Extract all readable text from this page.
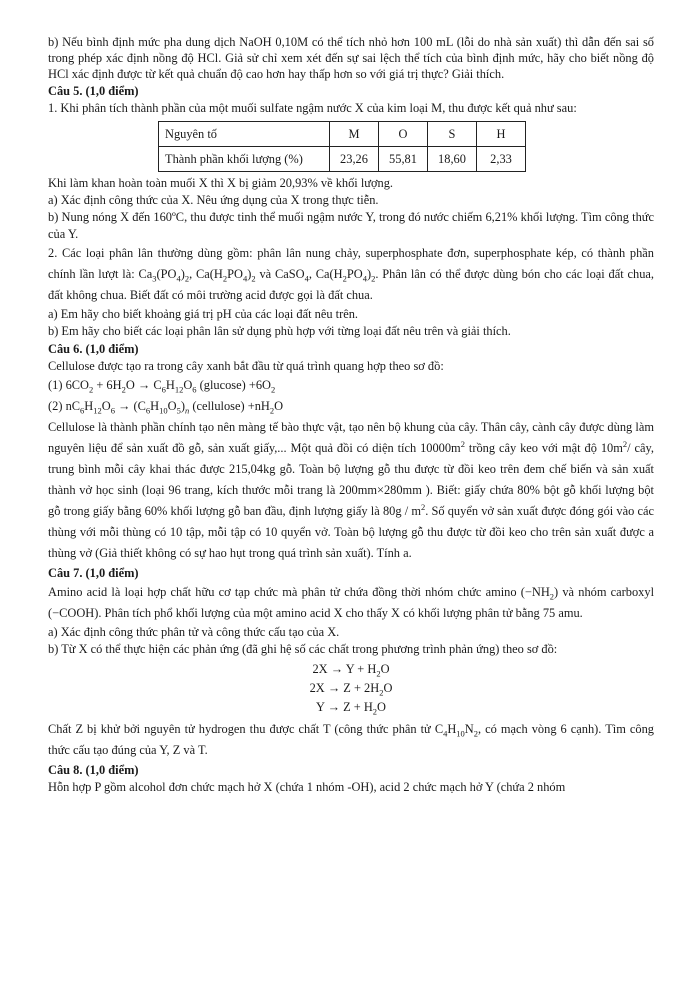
b) Nếu bình định mức pha dung dịch NaOH 0,10M có thể tích nhỏ hơn 100 mL (lỗi do nhà sản xuất) thì dẫn đến sai số trong phép xác định nồng độ HCl. Giả sử chỉ xem xét đến sự sai lệch thể tích của bình định mức, hãy cho biết nồng độ HCl xác định được từ kết quả chuẩn độ cao hơn hay thấp hơn so với giá trị thực? Giải thích.

Câu 5. (1,0 điểm)

1. Khi phân tích thành phần của một muối sulfate ngậm nước X của kim loại M, thu được kết quả như sau:

Nguyên tố	M	O	S	H
Thành phần khối lượng (%)	23,26	55,81	18,60	2,33

Khi làm khan hoàn toàn muối X thì X bị giảm 20,93% về khối lượng.

a) Xác định công thức của X. Nêu ứng dụng của X trong thực tiễn.

b) Nung nóng X đến 160ºC, thu được tinh thể muối ngậm nước Y, trong đó nước chiếm 6,21% khối lượng. Tìm công thức của Y.

2. Các loại phân lân thường dùng gồm: phân lân nung chảy, superphosphate đơn, superphosphate kép, có thành phần chính lần lượt là: $Ca_3(PO_4)_2$, $Ca(H_2PO_4)_2$ và CaSO$_4$, $Ca(H_2PO_4)_2$. Phân lân có thể được dùng bón cho các loại đất chua, đất không chua. Biết đất có môi trường acid được gọi là đất chua.

a) Em hãy cho biết khoảng giá trị pH của các loại đất nêu trên.

b) Em hãy cho biết các loại phân lân sử dụng phù hợp với từng loại đất nêu trên và giải thích.

Câu 6. (1,0 điểm)

Cellulose được tạo ra trong cây xanh bắt đầu từ quá trình quang hợp theo sơ đồ:

(1) $6CO_2 + 6H_2O \to C_6H_{12}O_6$ $(glucose) +6O_2$

(2) $nC_6H_{12}O_6 \to (C_6H_{10}O_5)_n$ (cellulose) $+nH_2O$

Cellulose là thành phần chính tạo nên màng tế bào thực vật, tạo nên bộ khung của cây. Thân cây, cành cây được dùng làm nguyên liệu để sản xuất đồ gỗ, sản xuất giấy,... Một quả đồi có diện tích $10000m^2$ trồng cây keo với mật độ $10m^2/$ cây, trung bình mỗi cây khai thác được 215,04kg gỗ. Toàn bộ lượng gỗ thu được từ đồi keo trên đem chế biến và sản xuất thành vở học sinh (loại 96 trang, kích thước mỗi trang là 200mm×280mm ). Biết: giấy chứa 80% bột gỗ khối lượng bột gỗ trong giấy bằng 60% khối lượng gỗ ban đầu, định lượng giấy là $80g / m^2$. Số quyển vở sản xuất được đóng gói vào các thùng với mỗi thùng có 10 tập, mỗi tập có 10 quyển vở. Toàn bộ lượng gỗ thu được từ đồi keo cho trên sản xuất được a thùng vở (Giả thiết không có sự hao hụt trong quá trình sản xuất). Tính a.

Câu 7. (1,0 điểm)

Amino acid là loại hợp chất hữu cơ tạp chức mà phân tử chứa đồng thời nhóm chức amino $(-NH_2)$ và nhóm carboxyl (−COOH). Phân tích phổ khối lượng của một amino acid X cho thấy X có khối lượng phân tử bằng 75 amu.

a) Xác định công thức phân tử và công thức cấu tạo của X.

b) Từ X có thể thực hiện các phản ứng (đã ghi hệ số các chất trong phương trình phản ứng) theo sơ đồ:

$2X \to Y + H_2O$
$2X \to Z + 2H_2O$
$Y \to Z + H_2O$

Chất Z bị khử bởi nguyên tử hydrogen thu được chất T (công thức phân tử $C_4H_{10}N_2$, có mạch vòng 6 cạnh). Tìm công thức cấu tạo đúng của Y, Z và T.

Câu 8. (1,0 điểm)

Hỗn hợp P gồm alcohol đơn chức mạch hở X (chứa 1 nhóm -OH), acid 2 chức mạch hở Y (chứa 2 nhóm
